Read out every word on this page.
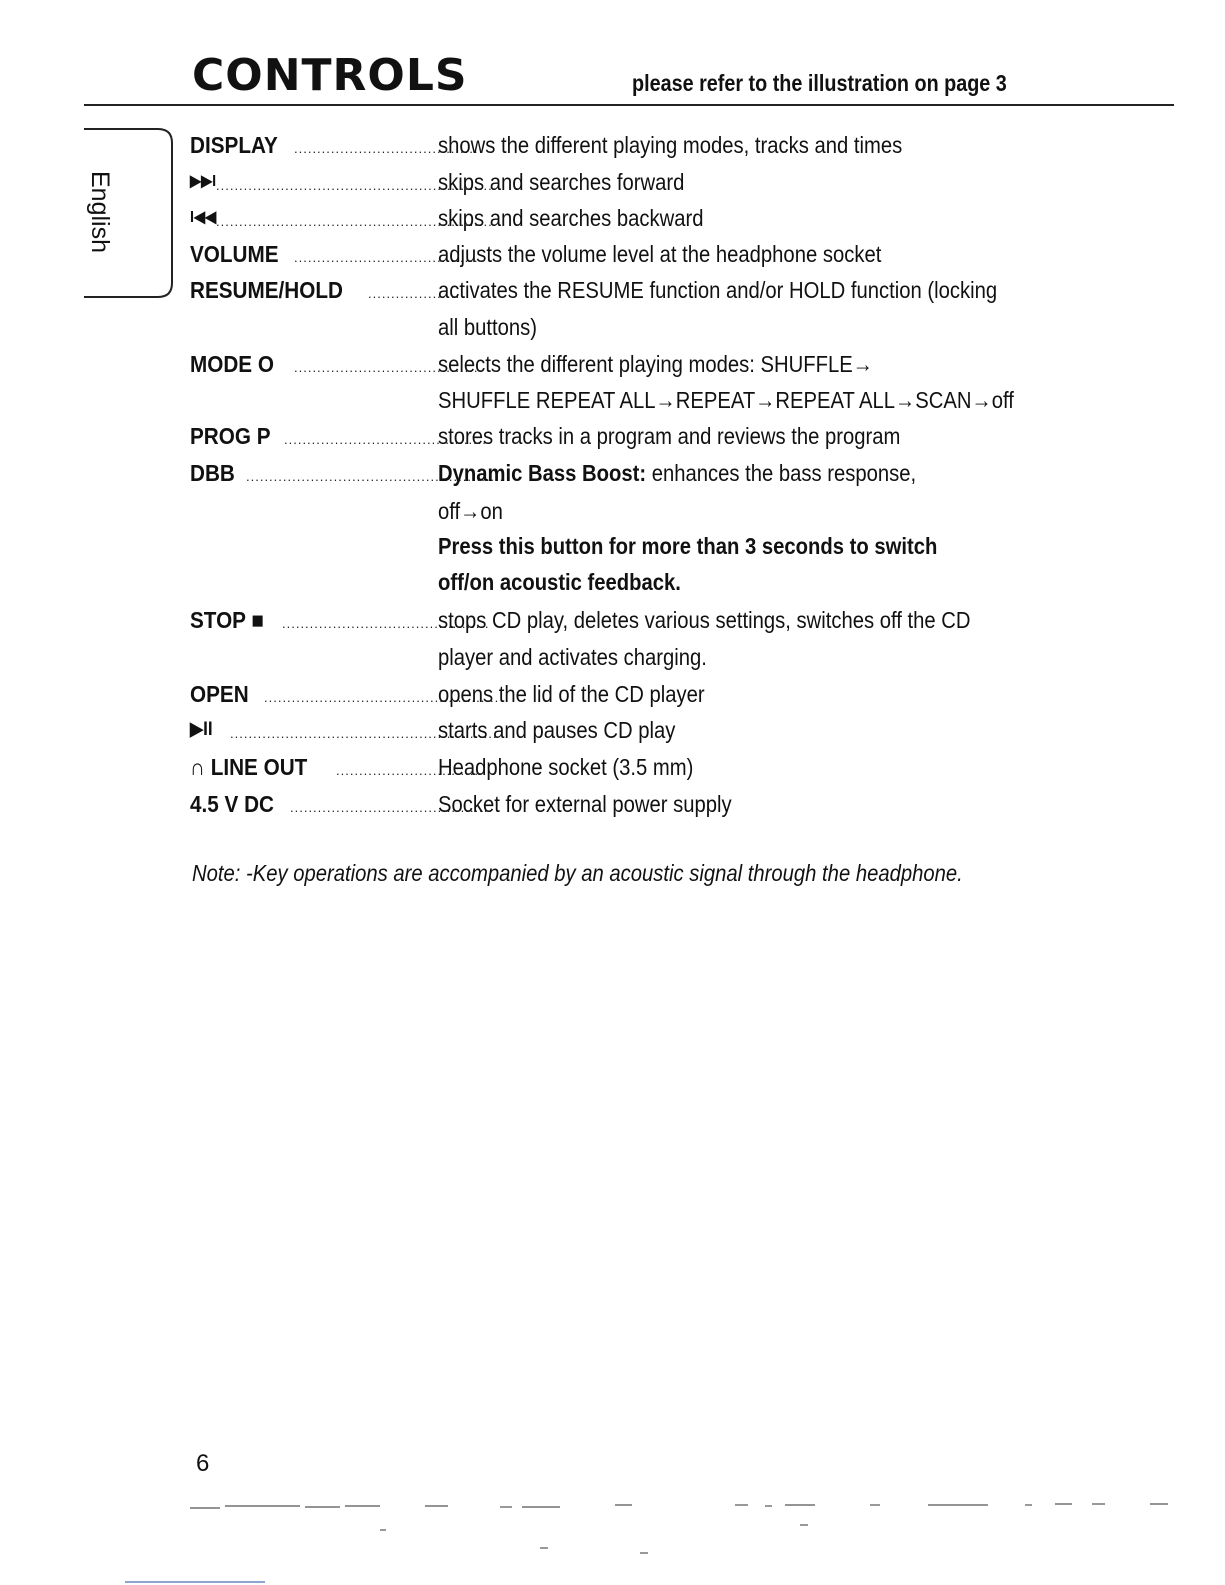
CONTROLS	please refer to the illustration on page 3
English
DISPLAY ........................................
shows the different playing modes, tracks and times
▶▶I ..............................................................
skips and searches forward
I◀◀ ..............................................................
skips and searches backward
VOLUME ........................................
adjusts the volume level at the headphone socket
RESUME/HOLD ....................
activates the RESUME function and/or HOLD function (locking
all buttons)
MODE O ........................................
selects the different playing modes: SHUFFLE→
SHUFFLE REPEAT ALL→REPEAT→REPEAT ALL→SCAN→off
PROG P .............................................
stores tracks in a program and reviews the program
DBB ........................................................
Dynamic Bass Boost: enhances the bass response,
off→on
Press this button for more than 3 seconds to switch
off/on acoustic feedback.
STOP ■ .............................................
stops CD play, deletes various settings, switches off the CD
player and activates charging.
OPEN ...................................................
opens the lid of the CD player
▶II ..........................................................
starts and pauses CD play
∩ LINE OUT ...............................
Headphone socket (3.5 mm)
4.5 V DC ............................................
Socket for external power supply
Note: -Key operations are accompanied by an acoustic signal through the headphone.
6
